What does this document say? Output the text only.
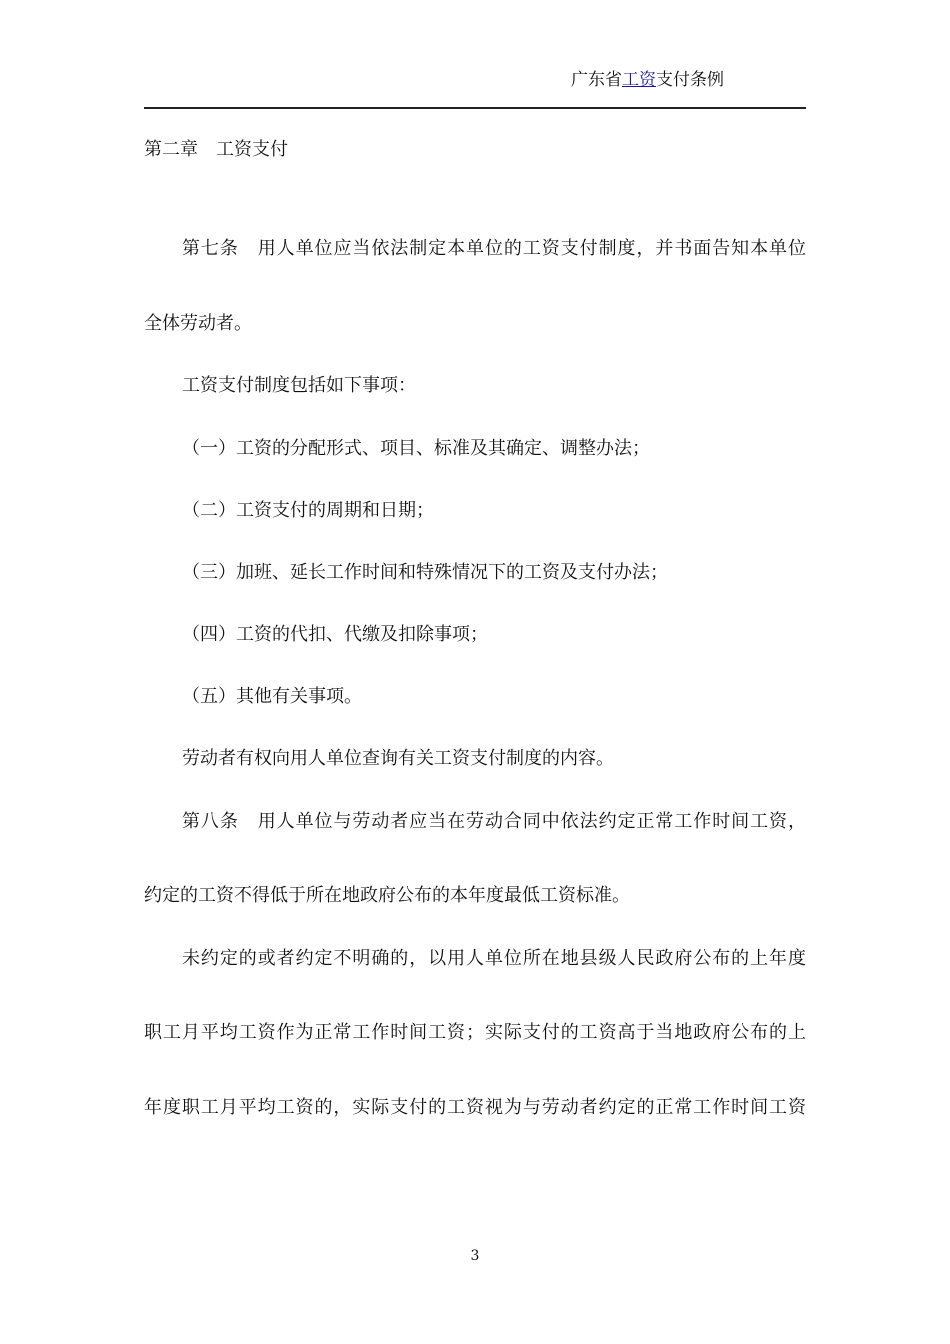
广东省工资支付条例
第二章　工资支付
第七条　用人单位应当依法制定本单位的工资支付制度，并书面告知本单位
全体劳动者。
工资支付制度包括如下事项：
（一）工资的分配形式、项目、标准及其确定、调整办法；
（二）工资支付的周期和日期；
（三）加班、延长工作时间和特殊情况下的工资及支付办法；
（四）工资的代扣、代缴及扣除事项；
（五）其他有关事项。
劳动者有权向用人单位查询有关工资支付制度的内容。
第八条　用人单位与劳动者应当在劳动合同中依法约定正常工作时间工资，
约定的工资不得低于所在地政府公布的本年度最低工资标准。
未约定的或者约定不明确的，以用人单位所在地县级人民政府公布的上年度
职工月平均工资作为正常工作时间工资；实际支付的工资高于当地政府公布的上
年度职工月平均工资的，实际支付的工资视为与劳动者约定的正常工作时间工资
3
